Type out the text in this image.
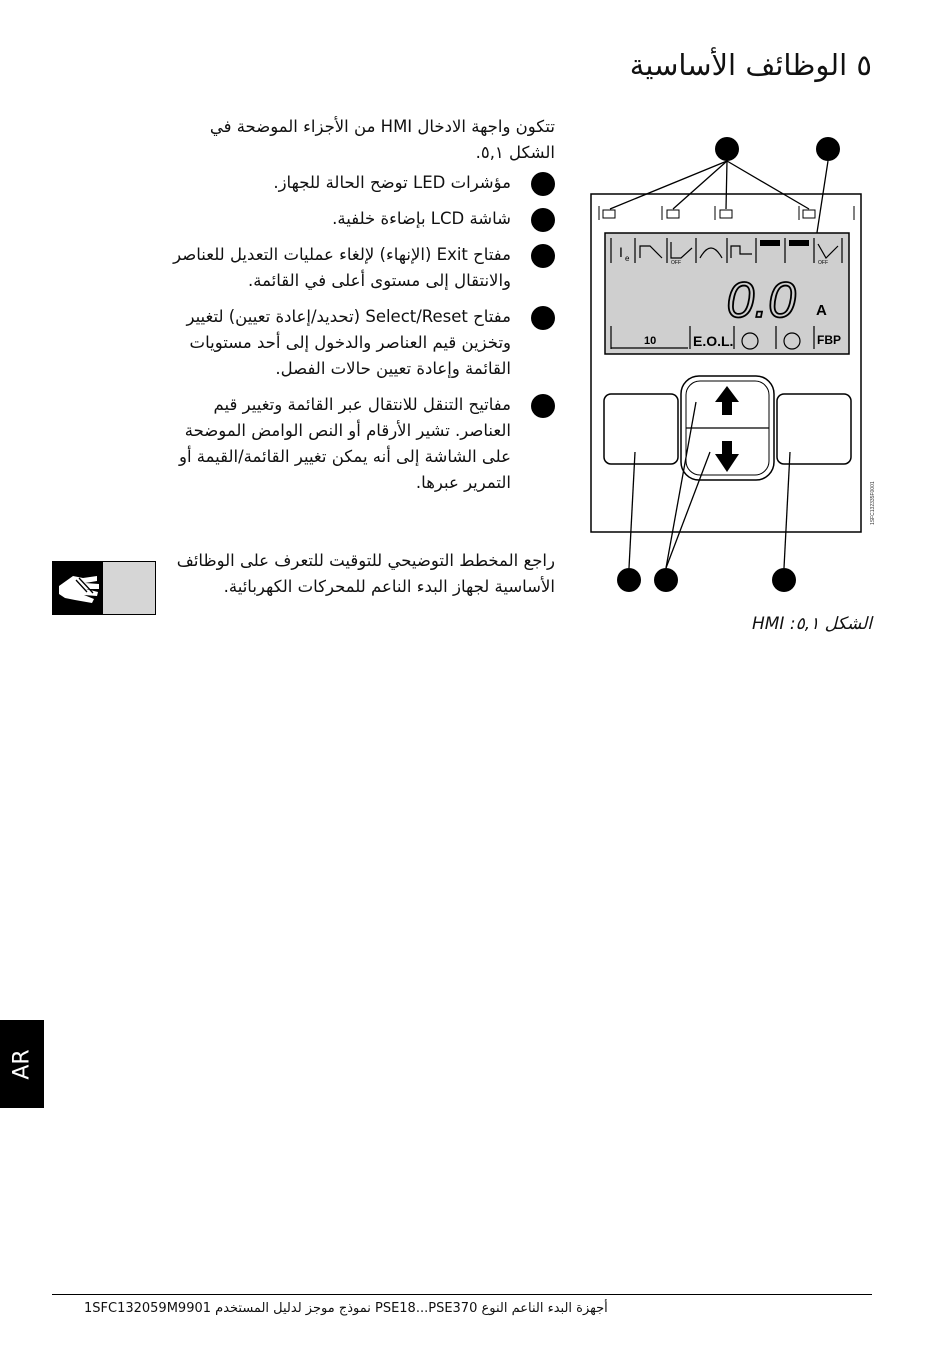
٥ الوظائف الأساسية

تتكون واجهة الادخال HMI من الأجزاء الموضحة في الشكل ٥,١.

مؤشرات LED توضح الحالة للجهاز.
شاشة LCD بإضاءة خلفية.
مفتاح Exit (الإنهاء) لإلغاء عمليات التعديل للعناصر والانتقال إلى مستوى أعلى في القائمة.
مفتاح Select/Reset (تحديد/إعادة تعيين) لتغيير وتخزين قيم العناصر والدخول إلى أحد مستويات القائمة وإعادة تعيين حالات الفصل.
مفاتيح التنقل للانتقال عبر القائمة وتغيير قيم العناصر. تشير الأرقام أو النص الوامض الموضحة على الشاشة إلى أنه يمكن تغيير القائمة/القيمة أو التمرير عبرها.

راجع المخطط التوضيحي للتوقيت للتعرف على الوظائف الأساسية لجهاز البدء الناعم للمحركات الكهربائية.

I e	OFF	OFF
0.0 A
10	E.O.L.	FBP
1SFC132335F0001
الشكل ٥,١: HMI
AR
أجهزة البدء الناعم النوع PSE18...PSE370 نموذج موجز لدليل المستخدم 1SFC132059M9901
